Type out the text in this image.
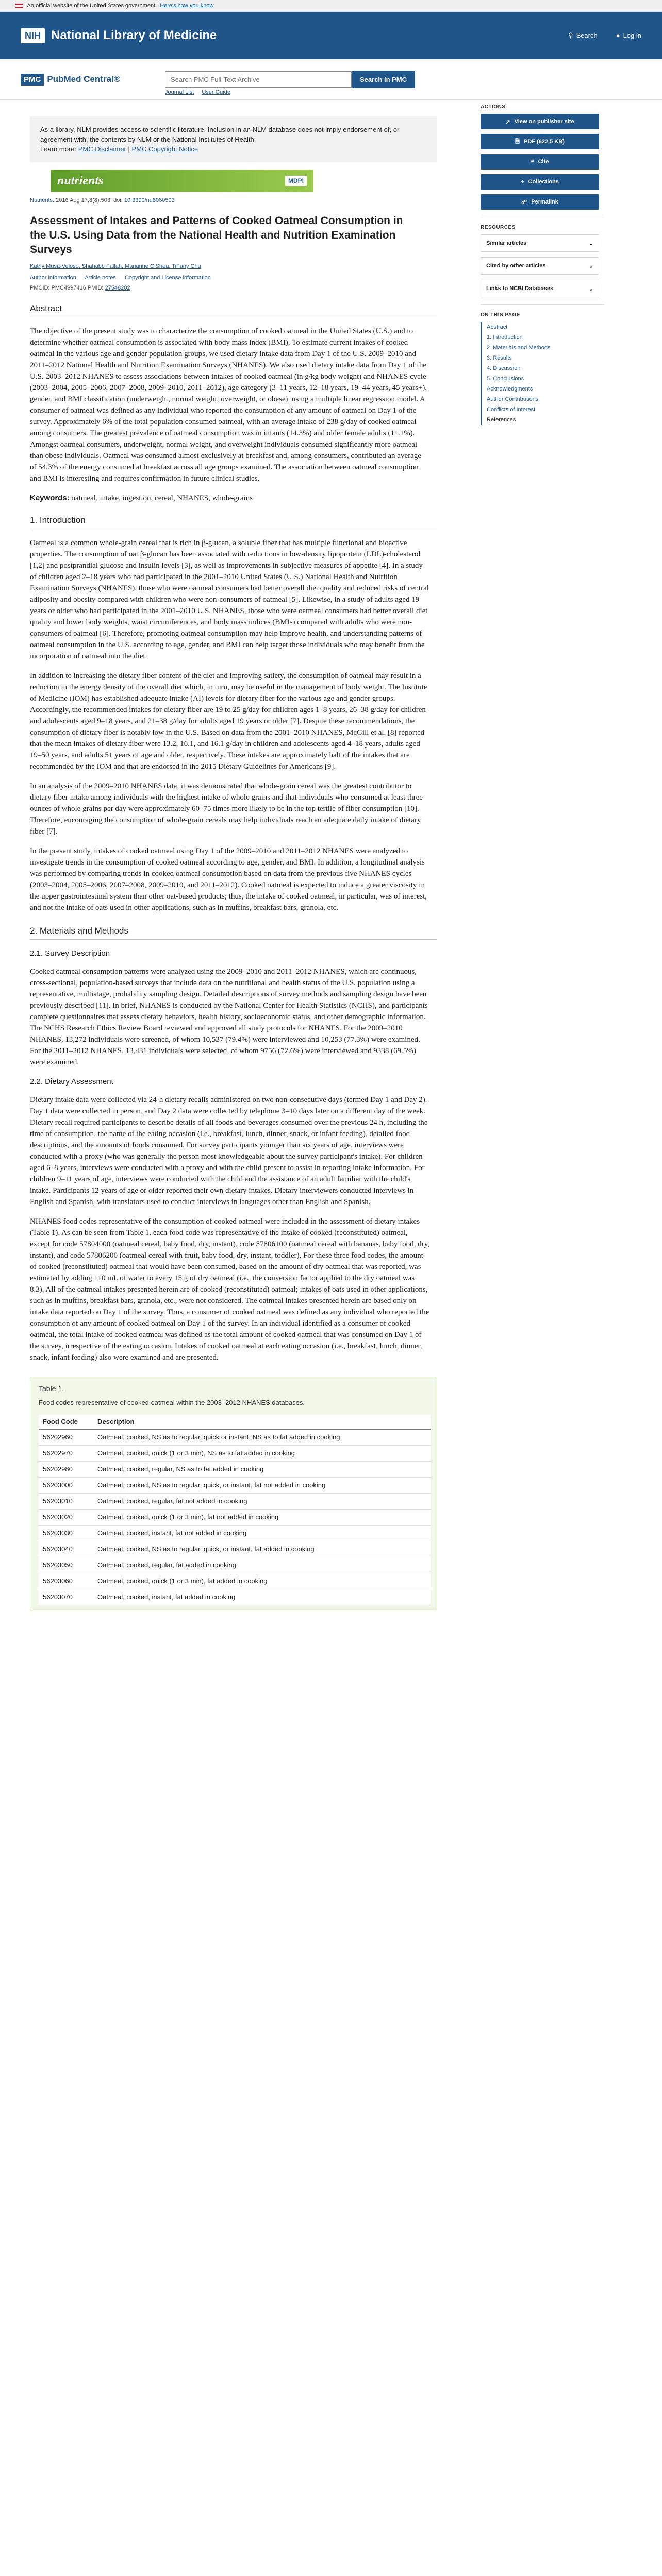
An official website of the United States government Here's how you know
NIH National Library of Medicine	⚲ Search	● Log in
PMC PubMed Central®
Search PMC Full-Text Archive	Search in PMC
Journal List User Guide
As a library, NLM provides access to scientific literature. Inclusion in an NLM database does not imply endorsement of, or agreement with, the contents by NLM or the National Institutes of Health.
Learn more: PMC Disclaimer | PMC Copyright Notice
nutrients	MDPI
Nutrients. 2016 Aug 17;8(8):503. doi: 10.3390/nu8080503
Assessment of Intakes and Patterns of Cooked Oatmeal Consumption in the U.S. Using Data from the National Health and Nutrition Examination Surveys
Kathy Musa-Veloso, Shahabb Fallah, Marianne O'Shea, TiFany Chu
Author information Article notes Copyright and License information
PMCID: PMC4997416 PMID: 27548202
Abstract

The objective of the present study was to characterize the consumption of cooked oatmeal in the United States (U.S.) and to determine whether oatmeal consumption is associated with body mass index (BMI). To estimate current intakes of cooked oatmeal in the various age and gender population groups, we used dietary intake data from Day 1 of the U.S. 2009–2010 and 2011–2012 National Health and Nutrition Examination Surveys (NHANES). We also used dietary intake data from Day 1 of the U.S. 2003–2012 NHANES to assess associations between intakes of cooked oatmeal (in g/kg body weight) and NHANES cycle (2003–2004, 2005–2006, 2007–2008, 2009–2010, 2011–2012), age category (3–11 years, 12–18 years, 19–44 years, 45 years+), gender, and BMI classification (underweight, normal weight, overweight, or obese), using a multiple linear regression model. A consumer of oatmeal was defined as any individual who reported the consumption of any amount of oatmeal on Day 1 of the survey. Approximately 6% of the total population consumed oatmeal, with an average intake of 238 g/day of cooked oatmeal among consumers. The greatest prevalence of oatmeal consumption was in infants (14.3%) and older female adults (11.1%). Amongst oatmeal consumers, underweight, normal weight, and overweight individuals consumed significantly more oatmeal than obese individuals. Oatmeal was consumed almost exclusively at breakfast and, among consumers, contributed an average of 54.3% of the energy consumed at breakfast across all age groups examined. The association between oatmeal consumption and BMI is interesting and requires confirmation in future clinical studies.

Keywords: oatmeal, intake, ingestion, cereal, NHANES, whole-grains
1. Introduction

Oatmeal is a common whole-grain cereal that is rich in β-glucan, a soluble fiber that has multiple functional and bioactive properties. The consumption of oat β-glucan has been associated with reductions in low-density lipoprotein (LDL)-cholesterol [1,2] and postprandial glucose and insulin levels [3], as well as improvements in subjective measures of appetite [4]. In a study of children aged 2–18 years who had participated in the 2001–2010 United States (U.S.) National Health and Nutrition Examination Surveys (NHANES), those who were oatmeal consumers had better overall diet quality and reduced risks of central adiposity and obesity compared with children who were non-consumers of oatmeal [5]. Likewise, in a study of adults aged 19 years or older who had participated in the 2001–2010 U.S. NHANES, those who were oatmeal consumers had better overall diet quality and lower body weights, waist circumferences, and body mass indices (BMIs) compared with adults who were non-consumers of oatmeal [6]. Therefore, promoting oatmeal consumption may help improve health, and understanding patterns of oatmeal consumption in the U.S. according to age, gender, and BMI can help target those individuals who may benefit from the incorporation of oatmeal into the diet.

In addition to increasing the dietary fiber content of the diet and improving satiety, the consumption of oatmeal may result in a reduction in the energy density of the overall diet which, in turn, may be useful in the management of body weight. The Institute of Medicine (IOM) has established adequate intake (AI) levels for dietary fiber for the various age and gender groups. Accordingly, the recommended intakes for dietary fiber are 19 to 25 g/day for children ages 1–8 years, 26–38 g/day for children and adolescents aged 9–18 years, and 21–38 g/day for adults aged 19 years or older [7]. Despite these recommendations, the consumption of dietary fiber is notably low in the U.S. Based on data from the 2001–2010 NHANES, McGill et al. [8] reported that the mean intakes of dietary fiber were 13.2, 16.1, and 16.1 g/day in children and adolescents aged 4–18 years, adults aged 19–50 years, and adults 51 years of age and older, respectively. These intakes are approximately half of the intakes that are recommended by the IOM and that are endorsed in the 2015 Dietary Guidelines for Americans [9].

In an analysis of the 2009–2010 NHANES data, it was demonstrated that whole-grain cereal was the greatest contributor to dietary fiber intake among individuals with the highest intake of whole grains and that individuals who consumed at least three ounces of whole grains per day were approximately 60–75 times more likely to be in the top tertile of fiber consumption [10]. Therefore, encouraging the consumption of whole-grain cereals may help individuals reach an adequate daily intake of dietary fiber [7].

In the present study, intakes of cooked oatmeal using Day 1 of the 2009–2010 and 2011–2012 NHANES were analyzed to investigate trends in the consumption of cooked oatmeal according to age, gender, and BMI. In addition, a longitudinal analysis was performed by comparing trends in cooked oatmeal consumption based on data from the previous five NHANES cycles (2003–2004, 2005–2006, 2007–2008, 2009–2010, and 2011–2012). Cooked oatmeal is expected to induce a greater viscosity in the upper gastrointestinal system than other oat-based products; thus, the intake of cooked oatmeal, in particular, was of interest, and not the intake of oats used in other applications, such as in muffins, breakfast bars, granola, etc.

2. Materials and Methods
2.1. Survey Description

Cooked oatmeal consumption patterns were analyzed using the 2009–2010 and 2011–2012 NHANES, which are continuous, cross-sectional, population-based surveys that include data on the nutritional and health status of the U.S. population using a representative, multistage, probability sampling design. Detailed descriptions of survey methods and sampling design have been previously described [11]. In brief, NHANES is conducted by the National Center for Health Statistics (NCHS), and participants complete questionnaires that assess dietary behaviors, health history, socioeconomic status, and other demographic information. The NCHS Research Ethics Review Board reviewed and approved all study protocols for NHANES. For the 2009–2010 NHANES, 13,272 individuals were screened, of whom 10,537 (79.4%) were interviewed and 10,253 (77.3%) were examined. For the 2011–2012 NHANES, 13,431 individuals were selected, of whom 9756 (72.6%) were interviewed and 9338 (69.5%) were examined.

2.2. Dietary Assessment

Dietary intake data were collected via 24-h dietary recalls administered on two non-consecutive days (termed Day 1 and Day 2). Day 1 data were collected in person, and Day 2 data were collected by telephone 3–10 days later on a different day of the week. Dietary recall required participants to describe details of all foods and beverages consumed over the previous 24 h, including the time of consumption, the name of the eating occasion (i.e., breakfast, lunch, dinner, snack, or infant feeding), detailed food descriptions, and the amounts of foods consumed. For survey participants younger than six years of age, interviews were conducted with a proxy (who was generally the person most knowledgeable about the survey participant's intake). For children aged 6–8 years, interviews were conducted with a proxy and with the child present to assist in reporting intake information. For children 9–11 years of age, interviews were conducted with the child and the assistance of an adult familiar with the child's intake. Participants 12 years of age or older reported their own dietary intakes. Dietary interviewers conducted interviews in English and Spanish, with translators used to conduct interviews in languages other than English and Spanish.

NHANES food codes representative of the consumption of cooked oatmeal were included in the assessment of dietary intakes (Table 1). As can be seen from Table 1, each food code was representative of the intake of cooked (reconstituted) oatmeal, except for code 57804000 (oatmeal cereal, baby food, dry, instant), code 57806100 (oatmeal cereal with bananas, baby food, dry, instant), and code 57806200 (oatmeal cereal with fruit, baby food, dry, instant, toddler). For these three food codes, the amount of cooked (reconstituted) oatmeal that would have been consumed, based on the amount of dry oatmeal that was reported, was estimated by adding 110 mL of water to every 15 g of dry oatmeal (i.e., the conversion factor applied to the dry oatmeal was 8.3). All of the oatmeal intakes presented herein are of cooked (reconstituted) oatmeal; intakes of oats used in other applications, such as in muffins, breakfast bars, granola, etc., were not considered. The oatmeal intakes presented herein are based only on intake data reported on Day 1 of the survey. Thus, a consumer of cooked oatmeal was defined as any individual who reported the consumption of any amount of cooked oatmeal on Day 1 of the survey. In an individual identified as a consumer of cooked oatmeal, the total intake of cooked oatmeal was defined as the total amount of cooked oatmeal that was consumed on Day 1 of the survey, irrespective of the eating occasion. Intakes of cooked oatmeal at each eating occasion (i.e., breakfast, lunch, dinner, snack, infant feeding) also were examined and are presented.

Table 1.
Food codes representative of cooked oatmeal within the 2003–2012 NHANES databases.
Food Code	Description
56202960	Oatmeal, cooked, NS as to regular, quick or instant; NS as to fat added in cooking
56202970	Oatmeal, cooked, quick (1 or 3 min), NS as to fat added in cooking
56202980	Oatmeal, cooked, regular, NS as to fat added in cooking
56203000	Oatmeal, cooked, NS as to regular, quick, or instant, fat not added in cooking
56203010	Oatmeal, cooked, regular, fat not added in cooking
56203020	Oatmeal, cooked, quick (1 or 3 min), fat not added in cooking
56203030	Oatmeal, cooked, instant, fat not added in cooking
56203040	Oatmeal, cooked, NS as to regular, quick, or instant, fat added in cooking
56203050	Oatmeal, cooked, regular, fat added in cooking
56203060	Oatmeal, cooked, quick (1 or 3 min), fat added in cooking
56203070	Oatmeal, cooked, instant, fat added in cooking
ACTIONS
↗ View on publisher site
🗎 PDF (622.5 KB)
❝ Cite
+ Collections
☍ Permalink
RESOURCES
Similar articles	⌄
Cited by other articles	⌄
Links to NCBI Databases	⌄
ON THIS PAGE
Abstract
1. Introduction
2. Materials and Methods
3. Results
4. Discussion
5. Conclusions
Acknowledgments
Author Contributions
Conflicts of Interest
References
